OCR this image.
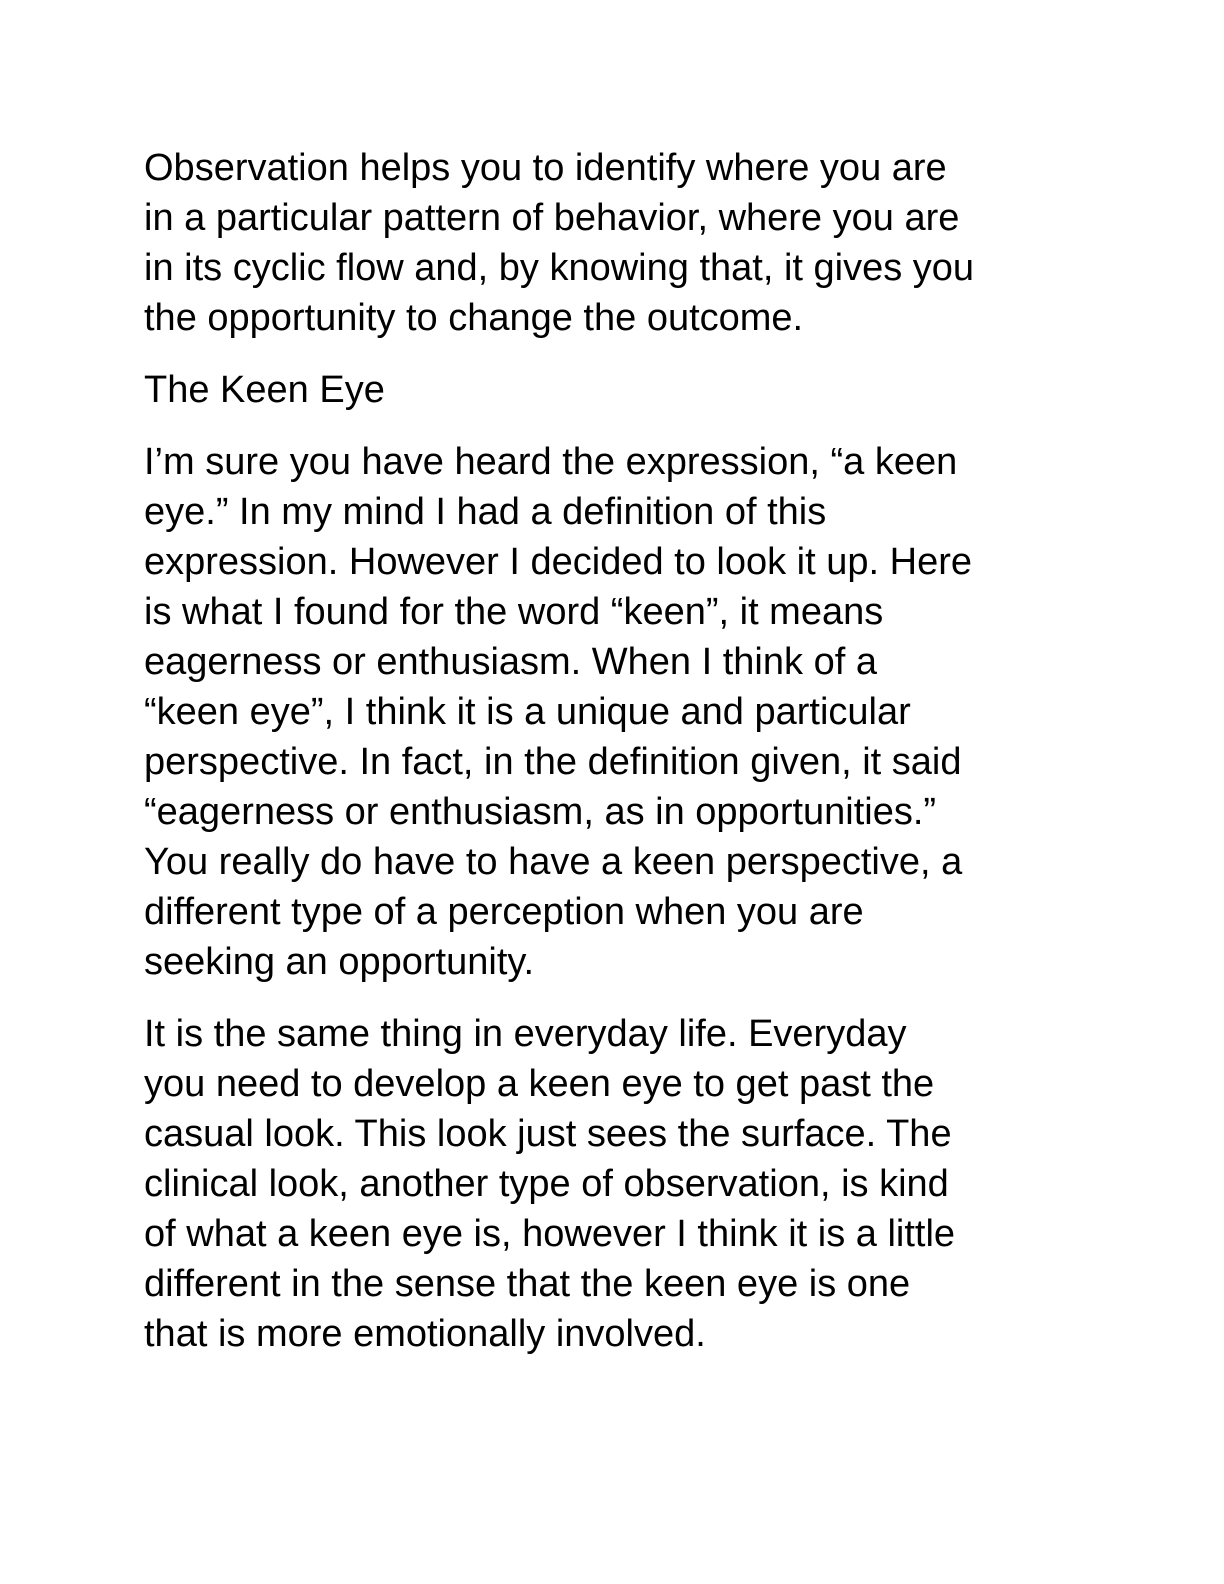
Observation helps you to identify where you are
in a particular pattern of behavior, where you are
in its cyclic flow and, by knowing that, it gives you
the opportunity to change the outcome.

The Keen Eye

I’m sure you have heard the expression, “a keen
eye.” In my mind I had a definition of this
expression. However I decided to look it up. Here
is what I found for the word “keen”, it means
eagerness or enthusiasm. When I think of a
“keen eye”, I think it is a unique and particular
perspective. In fact, in the definition given, it said
“eagerness or enthusiasm, as in opportunities.”
You really do have to have a keen perspective, a
different type of a perception when you are
seeking an opportunity.

It is the same thing in everyday life. Everyday
you need to develop a keen eye to get past the
casual look. This look just sees the surface. The
clinical look, another type of observation, is kind
of what a keen eye is, however I think it is a little
different in the sense that the keen eye is one
that is more emotionally involved.
